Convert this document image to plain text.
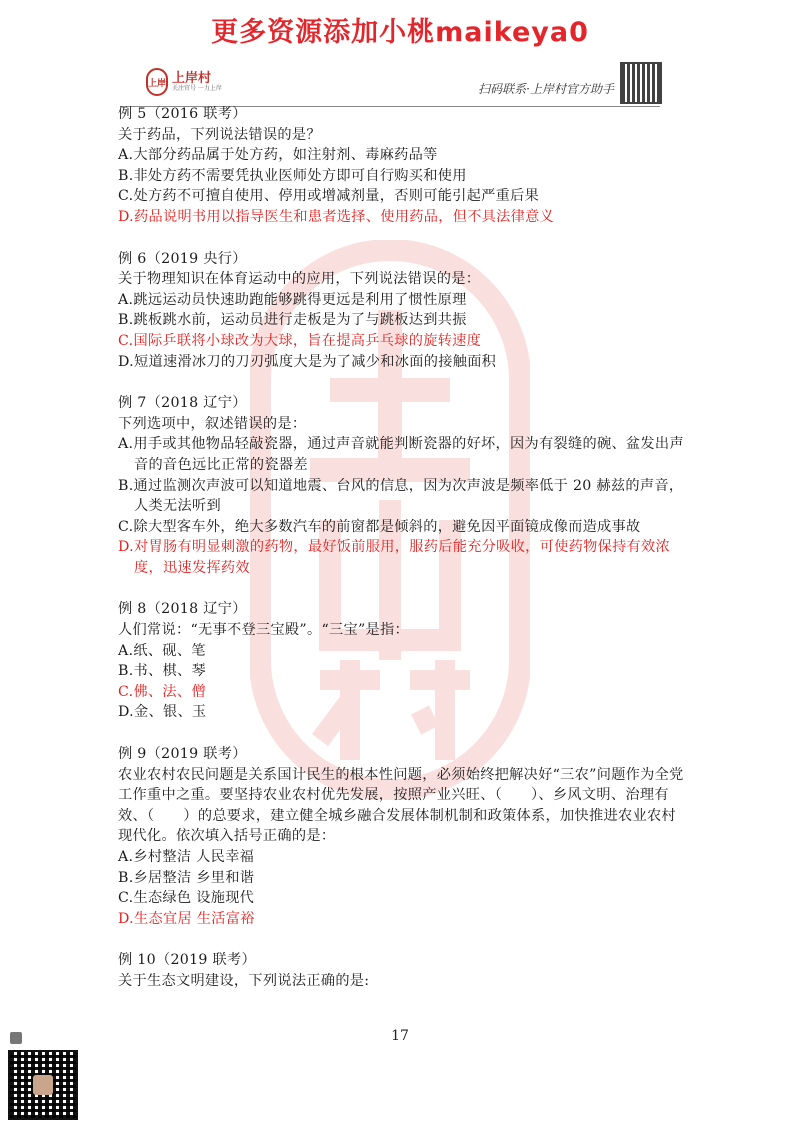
更多资源添加小桃maikeya0
上岸 上岸村
关注官号 一力上岸	扫码联系·上岸村官方助手
例 5（2016 联考）
关于药品，下列说法错误的是？
A.大部分药品属于处方药，如注射剂、毒麻药品等
B.非处方药不需要凭执业医师处方即可自行购买和使用
C.处方药不可擅自使用、停用或增减剂量，否则可能引起严重后果
D.药品说明书用以指导医生和患者选择、使用药品，但不具法律意义
例 6（2019 央行）
关于物理知识在体育运动中的应用，下列说法错误的是：
A.跳远运动员快速助跑能够跳得更远是利用了惯性原理
B.跳板跳水前，运动员进行走板是为了与跳板达到共振
C.国际乒联将小球改为大球，旨在提高乒乓球的旋转速度
D.短道速滑冰刀的刀刃弧度大是为了减少和冰面的接触面积
例 7（2018 辽宁）
下列选项中，叙述错误的是：
A.用手或其他物品轻敲瓷器，通过声音就能判断瓷器的好坏，因为有裂缝的碗、盆发出声音的音色远比正常的瓷器差
B.通过监测次声波可以知道地震、台风的信息，因为次声波是频率低于 20 赫兹的声音，人类无法听到
C.除大型客车外，绝大多数汽车的前窗都是倾斜的，避免因平面镜成像而造成事故
D.对胃肠有明显刺激的药物，最好饭前服用，服药后能充分吸收，可使药物保持有效浓度，迅速发挥药效
例 8（2018 辽宁）
人们常说：“无事不登三宝殿”。“三宝”是指：
A.纸、砚、笔
B.书、棋、琴
C.佛、法、僧
D.金、银、玉
例 9（2019 联考）
农业农村农民问题是关系国计民生的根本性问题，必须始终把解决好“三农”问题作为全党工作重中之重。要坚持农业农村优先发展，按照产业兴旺、（　　）、乡风文明、治理有效、（　　）的总要求，建立健全城乡融合发展体制机制和政策体系，加快推进农业农村现代化。依次填入括号正确的是：
A.乡村整洁 人民幸福
B.乡居整洁 乡里和谐
C.生态绿色 设施现代
D.生态宜居 生活富裕
例 10（2019 联考）
关于生态文明建设，下列说法正确的是:
17
